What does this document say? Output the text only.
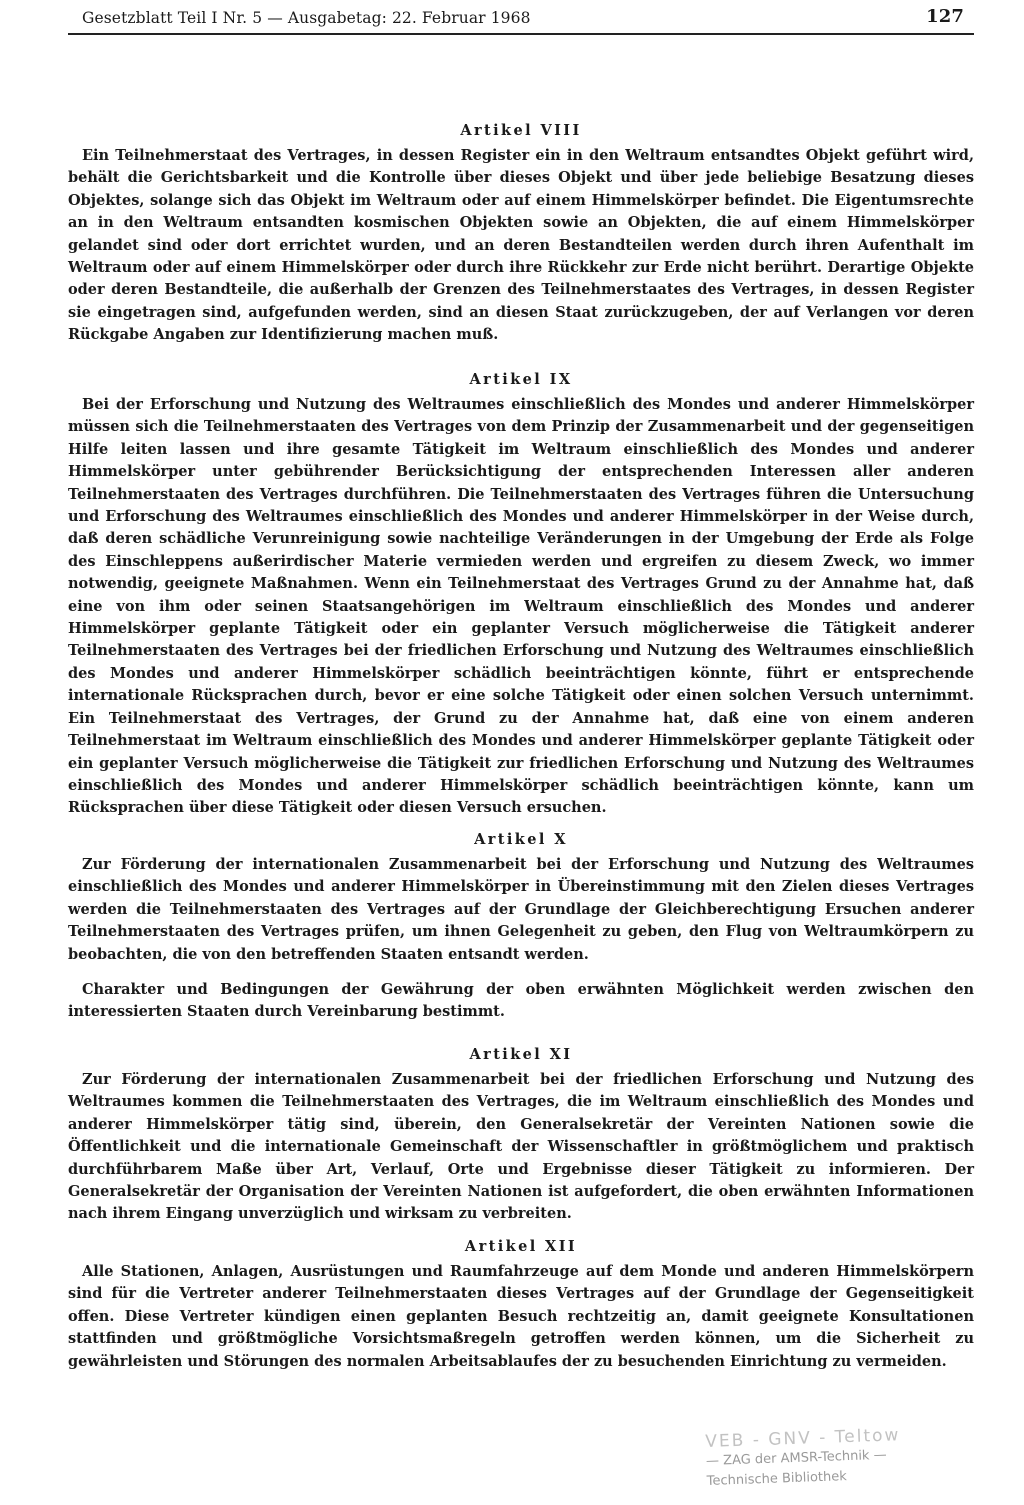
Gesetzblatt Teil I Nr. 5 — Ausgabetag: 22. Februar 1968	127
Artikel VIII

Ein Teilnehmerstaat des Vertrages, in dessen Register ein in den Weltraum entsandtes Objekt geführt wird, behält die Gerichtsbarkeit und die Kontrolle über dieses Objekt und über jede beliebige Besatzung dieses Objektes, solange sich das Objekt im Weltraum oder auf einem Himmelskörper befindet. Die Eigentumsrechte an in den Weltraum entsandten kosmischen Objekten sowie an Objekten, die auf einem Himmelskörper gelandet sind oder dort errichtet wurden, und an deren Bestandteilen werden durch ihren Aufenthalt im Weltraum oder auf einem Himmelskörper oder durch ihre Rückkehr zur Erde nicht berührt. Derartige Objekte oder deren Bestandteile, die außerhalb der Grenzen des Teilnehmerstaates des Vertrages, in dessen Register sie eingetragen sind, aufgefunden werden, sind an diesen Staat zurückzugeben, der auf Verlangen vor deren Rückgabe Angaben zur Identifizierung machen muß.

Artikel IX

Bei der Erforschung und Nutzung des Weltraumes einschließlich des Mondes und anderer Himmelskörper müssen sich die Teilnehmerstaaten des Vertrages von dem Prinzip der Zusammenarbeit und der gegenseitigen Hilfe leiten lassen und ihre gesamte Tätigkeit im Weltraum einschließlich des Mondes und anderer Himmelskörper unter gebührender Berücksichtigung der entsprechenden Interessen aller anderen Teilnehmerstaaten des Vertrages durchführen. Die Teilnehmerstaaten des Vertrages führen die Untersuchung und Erforschung des Weltraumes einschließlich des Mondes und anderer Himmelskörper in der Weise durch, daß deren schädliche Verunreinigung sowie nachteilige Veränderungen in der Umgebung der Erde als Folge des Einschleppens außerirdischer Materie vermieden werden und ergreifen zu diesem Zweck, wo immer notwendig, geeignete Maßnahmen. Wenn ein Teilnehmerstaat des Vertrages Grund zu der Annahme hat, daß eine von ihm oder seinen Staatsangehörigen im Weltraum einschließlich des Mondes und anderer Himmelskörper geplante Tätigkeit oder ein geplanter Versuch möglicherweise die Tätigkeit anderer Teilnehmerstaaten des Vertrages bei der friedlichen Erforschung und Nutzung des Weltraumes einschließlich des Mondes und anderer Himmelskörper schädlich beeinträchtigen könnte, führt er entsprechende internationale Rücksprachen durch, bevor er eine solche Tätigkeit oder einen solchen Versuch unternimmt. Ein Teilnehmerstaat des Vertrages, der Grund zu der Annahme hat, daß eine von einem anderen Teilnehmerstaat im Weltraum einschließlich des Mondes und anderer Himmelskörper geplante Tätigkeit oder ein geplanter Versuch möglicherweise die Tätigkeit zur friedlichen Erforschung und Nutzung des Weltraumes einschließlich des Mondes und anderer Himmelskörper schädlich beeinträchtigen könnte, kann um Rücksprachen über diese Tätigkeit oder diesen Versuch ersuchen.

Artikel X

Zur Förderung der internationalen Zusammenarbeit bei der Erforschung und Nutzung des Weltraumes einschließlich des Mondes und anderer Himmelskörper in Übereinstimmung mit den Zielen dieses Vertrages werden die Teilnehmerstaaten des Vertrages auf der Grundlage der Gleichberechtigung Ersuchen anderer Teilnehmerstaaten des Vertrages prüfen, um ihnen Gelegenheit zu geben, den Flug von Weltraumkörpern zu beobachten, die von den betreffenden Staaten entsandt werden.

Charakter und Bedingungen der Gewährung der oben erwähnten Möglichkeit werden zwischen den interessierten Staaten durch Vereinbarung bestimmt.

Artikel XI

Zur Förderung der internationalen Zusammenarbeit bei der friedlichen Erforschung und Nutzung des Weltraumes kommen die Teilnehmerstaaten des Vertrages, die im Weltraum einschließlich des Mondes und anderer Himmelskörper tätig sind, überein, den Generalsekretär der Vereinten Nationen sowie die Öffentlichkeit und die internationale Gemeinschaft der Wissenschaftler in größtmöglichem und praktisch durchführbarem Maße über Art, Verlauf, Orte und Ergebnisse dieser Tätigkeit zu informieren. Der Generalsekretär der Organisation der Vereinten Nationen ist aufgefordert, die oben erwähnten Informationen nach ihrem Eingang unverzüglich und wirksam zu verbreiten.

Artikel XII

Alle Stationen, Anlagen, Ausrüstungen und Raumfahrzeuge auf dem Monde und anderen Himmelskörpern sind für die Vertreter anderer Teilnehmerstaaten dieses Vertrages auf der Grundlage der Gegenseitigkeit offen. Diese Vertreter kündigen einen geplanten Besuch rechtzeitig an, damit geeignete Konsultationen stattfinden und größtmögliche Vorsichtsmaßregeln getroffen werden können, um die Sicherheit zu gewährleisten und Störungen des normalen Arbeitsablaufes der zu besuchenden Einrichtung zu vermeiden.

VEB - GNV - Teltow
— ZAG der AMSR-Technik —
Technische Bibliothek
